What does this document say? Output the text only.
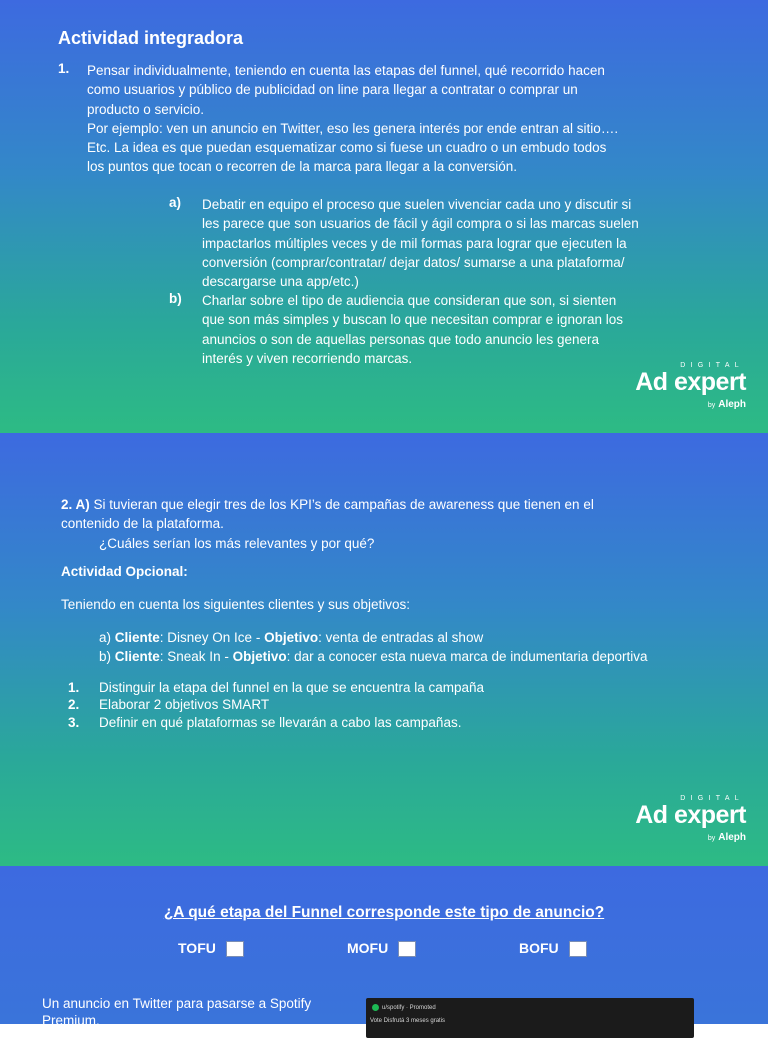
Actividad integradora
1. Pensar individualmente, teniendo en cuenta las etapas del funnel, qué recorrido hacen
como usuarios y público de publicidad on line para llegar a contratar o comprar un
producto o servicio.
Por ejemplo: ven un anuncio en Twitter, eso les genera interés por ende entran al sitio….
Etc. La idea es que puedan esquematizar como si fuese un cuadro o un embudo todos
los puntos que tocan o recorren de la marca para llegar a la conversión.
a) Debatir en equipo el proceso que suelen vivenciar cada uno y discutir si
les parece que son usuarios de fácil y ágil compra o si las marcas suelen
impactarlos múltiples veces y de mil formas para lograr que ejecuten la
conversión (comprar/contratar/ dejar datos/ sumarse a una plataforma/
descargarse una app/etc.)
b) Charlar sobre el tipo de audiencia que consideran que son, si sienten
que son más simples y buscan lo que necesitan comprar e ignoran los
anuncios o son de aquellas personas que todo anuncio les genera
interés y viven recorriendo marcas.	DIGITAL
Ad expert
by Aleph
2. A) Si tuvieran que elegir tres de los KPI’s de campañas de awareness que tienen en el
contenido de la plataforma.
¿Cuáles serían los más relevantes y por qué?
Actividad Opcional:
Teniendo en cuenta los siguientes clientes y sus objetivos:
a) Cliente: Disney On Ice - Objetivo: venta de entradas al show
b) Cliente: Sneak In - Objetivo: dar a conocer esta nueva marca de indumentaria deportiva
1. Distinguir la etapa del funnel en la que se encuentra la campaña
2. Elaborar 2 objetivos SMART
3. Definir en qué plataformas se llevarán a cabo las campañas.
DIGITAL
Ad expert
by Aleph
¿A qué etapa del Funnel corresponde este tipo de anuncio?
TOFU	MOFU	BOFU
Un anuncio en Twitter para pasarse a Spotify
Premium.
u/spotify · Promoted
Vote Disfrutá 3 meses gratis
